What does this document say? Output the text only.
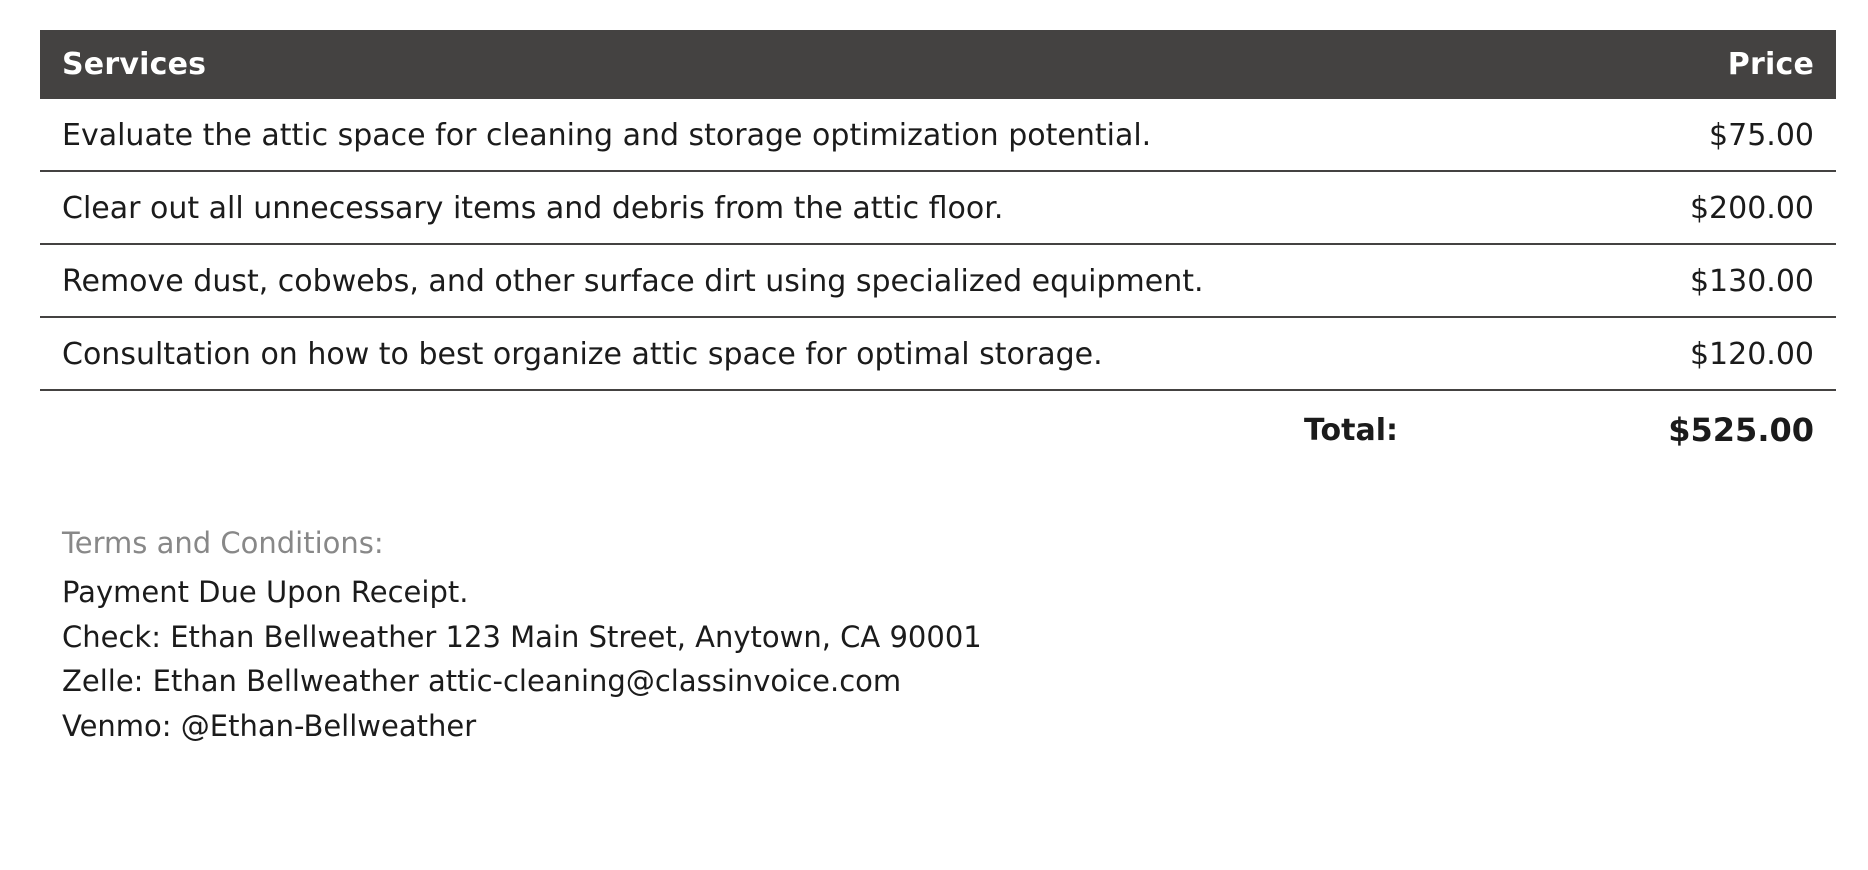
Services	Price
Evaluate the attic space for cleaning and storage optimization potential.	$75.00
Clear out all unnecessary items and debris from the attic floor.	$200.00
Remove dust, cobwebs, and other surface dirt using specialized equipment.	$130.00
Consultation on how to best organize attic space for optimal storage.	$120.00
Total:	$525.00
Terms and Conditions:
Payment Due Upon Receipt.
Check: Ethan Bellweather 123 Main Street, Anytown, CA 90001
Zelle: Ethan Bellweather attic-cleaning@classinvoice.com
Venmo: @Ethan-Bellweather
